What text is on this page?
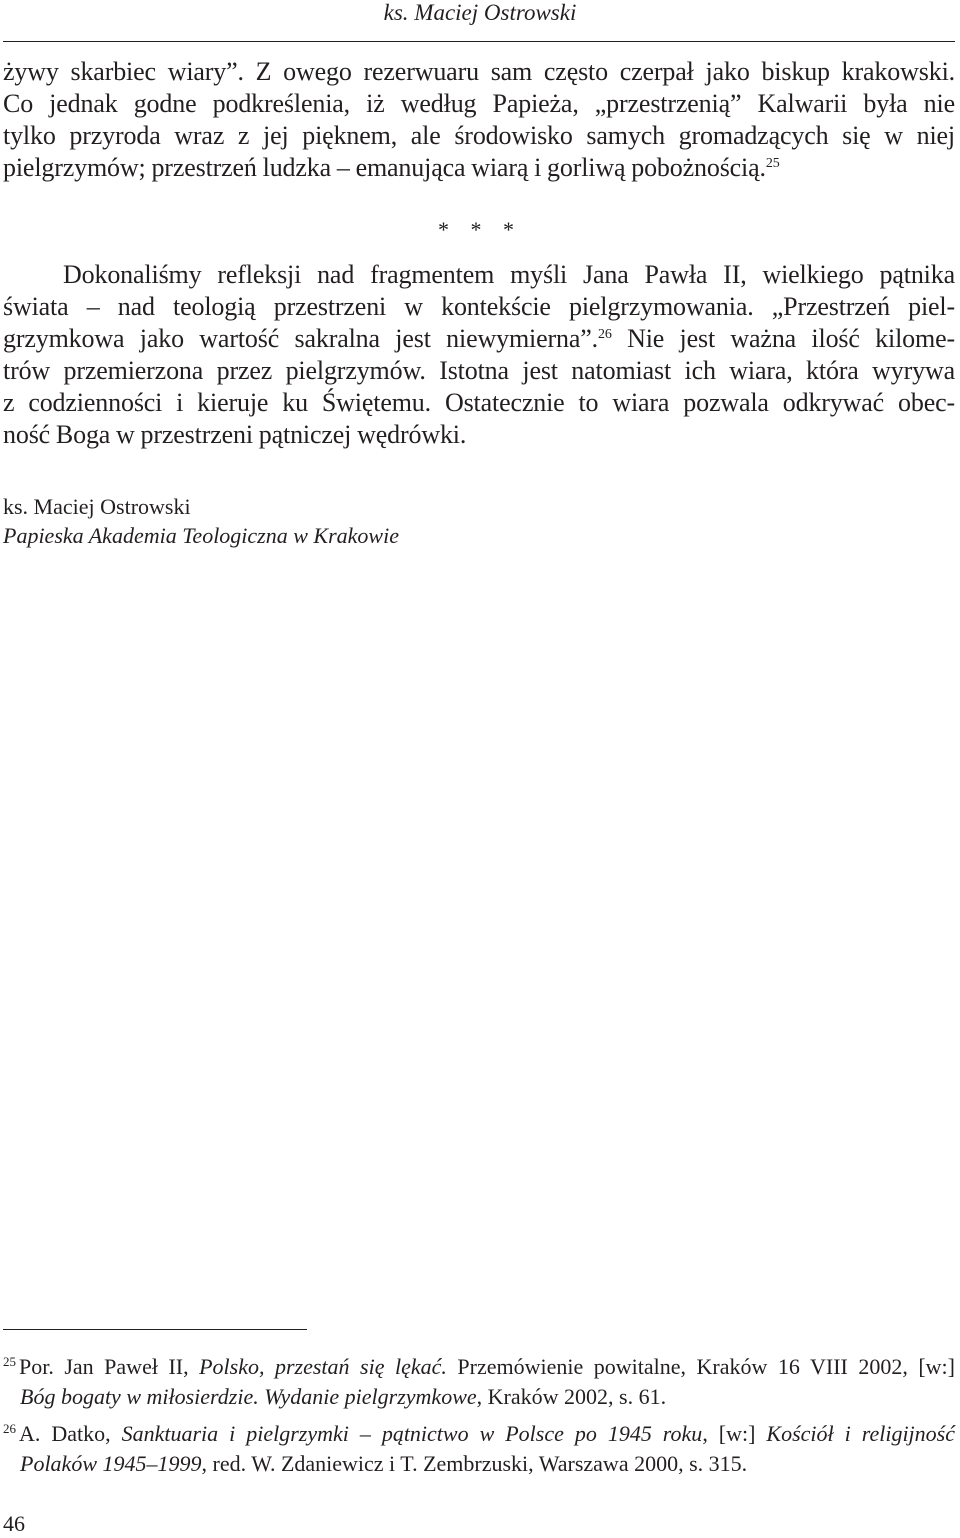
ks. Maciej Ostrowski

żywy skarbiec wiary”. Z owego rezerwuaru sam często czerpał jako biskup krakowski.
Co jednak godne podkreślenia, iż według Papieża, „przestrzenią” Kalwarii była nie
tylko przyroda wraz z jej pięknem, ale środowisko samych gromadzących się w niej
pielgrzymów; przestrzeń ludzka – emanująca wiarą i gorliwą pobożnością.$^{25}$

* * *

Dokonaliśmy refleksji nad fragmentem myśli Jana Pawła II, wielkiego pątnika
świata – nad teologią przestrzeni w kontekście pielgrzymowania. „Przestrzeń piel-
grzymkowa jako wartość sakralna jest niewymierna”.$^{26}$ Nie jest ważna ilość kilome-
trów przemierzona przez pielgrzymów. Istotna jest natomiast ich wiara, która wyrywa
z codzienności i kieruje ku Świętemu. Ostatecznie to wiara pozwala odkrywać obec-
ność Boga w przestrzeni pątniczej wędrówki.

ks. Maciej Ostrowski
Papieska Akademia Teologiczna w Krakowie
$^{25}$ Por. Jan Paweł II, Polsko, przestań się lękać. Przemówienie powitalne, Kraków 16 VIII 2002, [w:]
Bóg bogaty w miłosierdzie. Wydanie pielgrzymkowe, Kraków 2002, s. 61.
$^{26}$ A. Datko, Sanktuaria i pielgrzymki – pątnictwo w Polsce po 1945 roku, [w:] Kościół i religijność
Polaków 1945–1999, red. W. Zdaniewicz i T. Zembrzuski, Warszawa 2000, s. 315.
46
